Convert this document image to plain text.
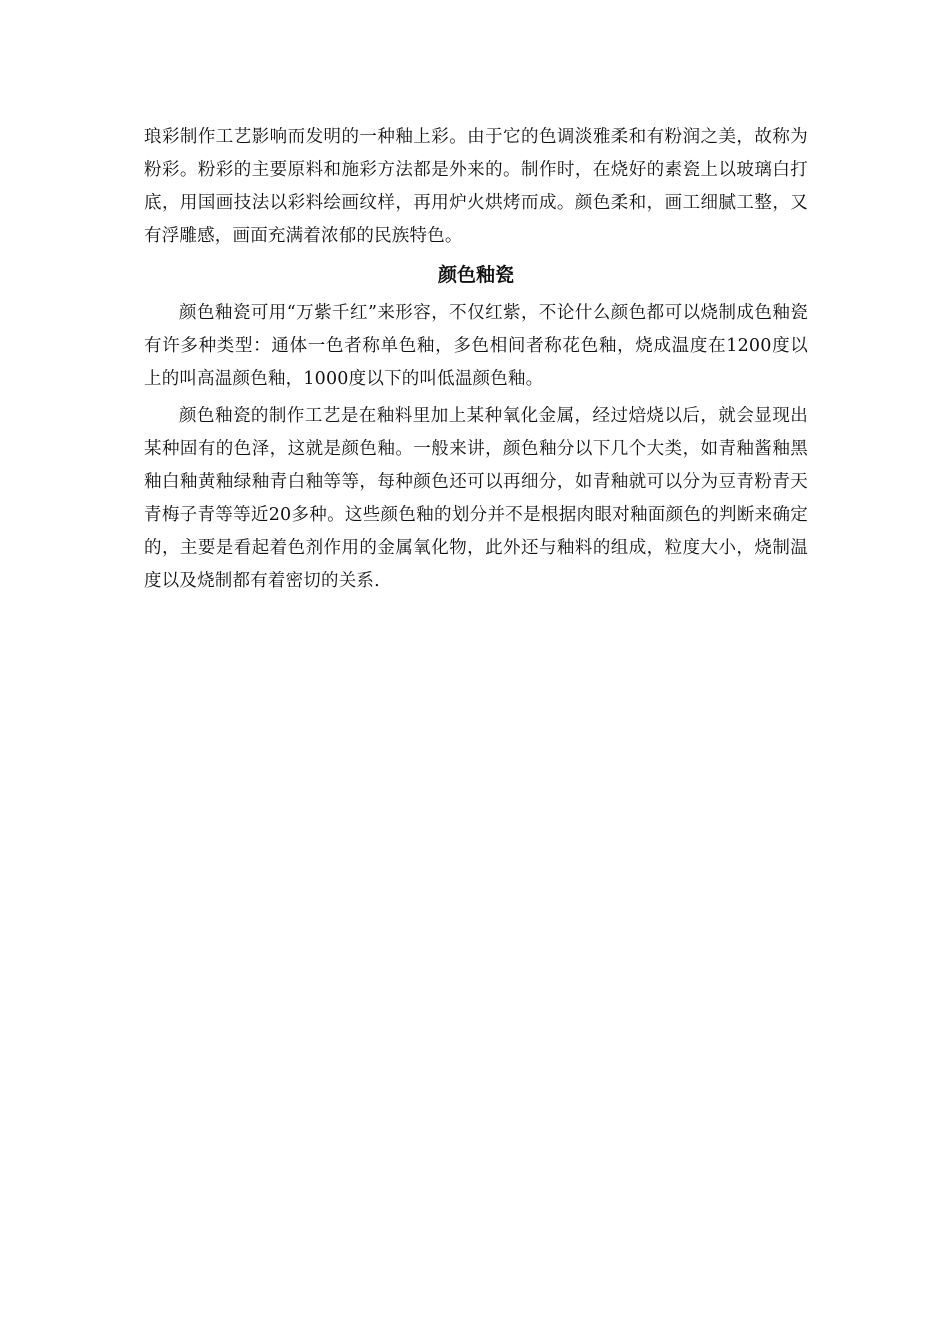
琅彩制作工艺影响而发明的一种釉上彩。由于它的色调淡雅柔和有粉润之美，故称为粉彩。粉彩的主要原料和施彩方法都是外来的。制作时，在烧好的素瓷上以玻璃白打底，用国画技法以彩料绘画纹样，再用炉火烘烤而成。颜色柔和，画工细腻工整，又有浮雕感，画面充满着浓郁的民族特色。

颜色釉瓷

颜色釉瓷可用“万紫千红”来形容，不仅红紫，不论什么颜色都可以烧制成色釉瓷有许多种类型：通体一色者称单色釉，多色相间者称花色釉，烧成温度在1200度以上的叫高温颜色釉，1000度以下的叫低温颜色釉。

颜色釉瓷的制作工艺是在釉料里加上某种氧化金属，经过焙烧以后，就会显现出某种固有的色泽，这就是颜色釉。一般来讲，颜色釉分以下几个大类，如青釉酱釉黑釉白釉黄釉绿釉青白釉等等，每种颜色还可以再细分，如青釉就可以分为豆青粉青天青梅子青等等近20多种。这些颜色釉的划分并不是根据肉眼对釉面颜色的判断来确定的，主要是看起着色剂作用的金属氧化物，此外还与釉料的组成，粒度大小，烧制温度以及烧制都有着密切的关系.
